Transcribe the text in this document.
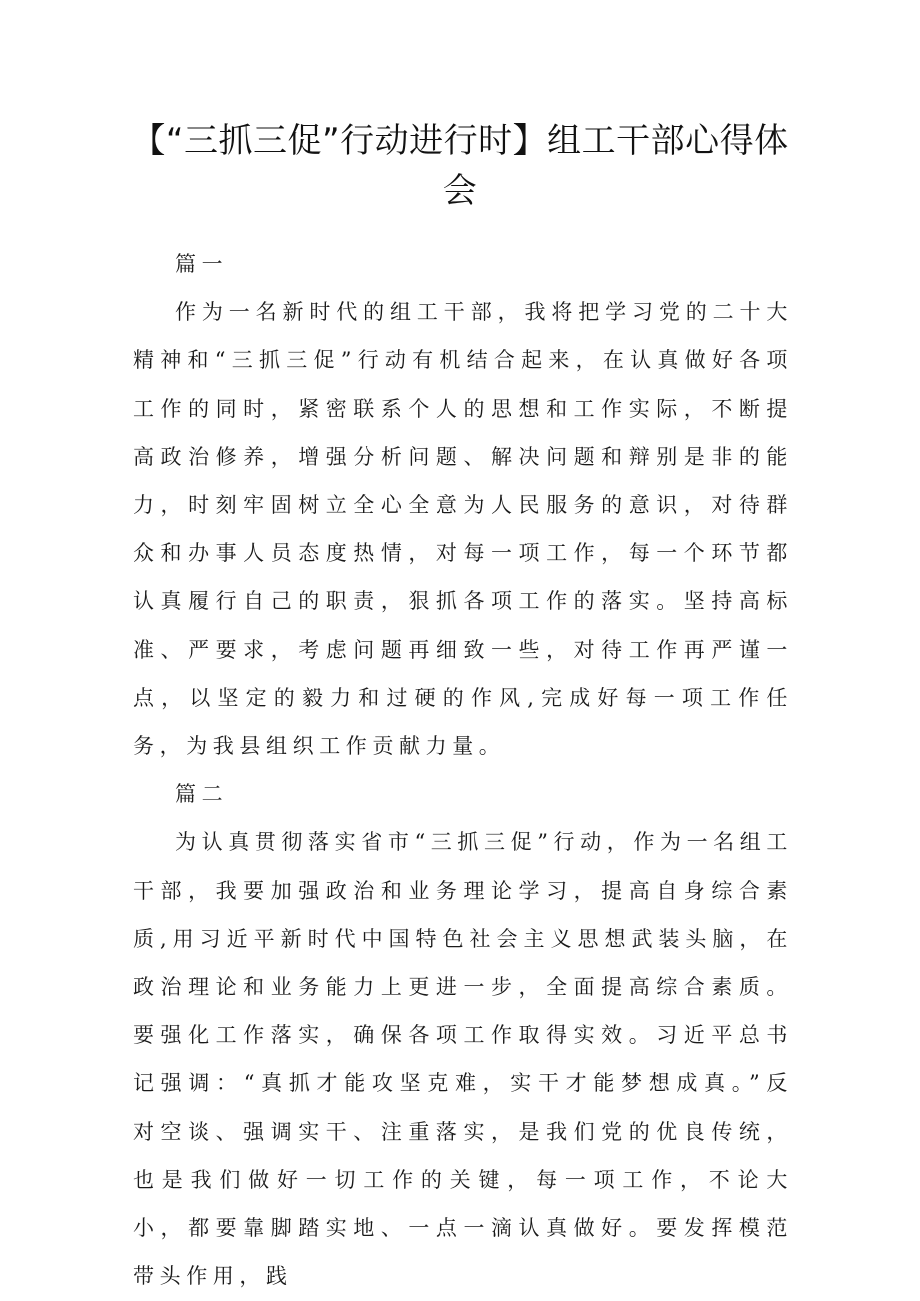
【“三抓三促”行动进行时】组工干部心得体会

篇一

作为一名新时代的组工干部，我将把学习党的二十大精神和“三抓三促”行动有机结合起来，在认真做好各项工作的同时，紧密联系个人的思想和工作实际，不断提高政治修养，增强分析问题、解决问题和辩别是非的能力，时刻牢固树立全心全意为人民服务的意识，对待群众和办事人员态度热情，对每一项工作，每一个环节都认真履行自己的职责，狠抓各项工作的落实。坚持高标准、严要求，考虑问题再细致一些，对待工作再严谨一点，以坚定的毅力和过硬的作风,完成好每一项工作任务，为我县组织工作贡献力量。

篇二

为认真贯彻落实省市“三抓三促”行动，作为一名组工干部，我要加强政治和业务理论学习，提高自身综合素质,用习近平新时代中国特色社会主义思想武装头脑，在政治理论和业务能力上更进一步，全面提高综合素质。要强化工作落实，确保各项工作取得实效。习近平总书记强调：“真抓才能攻坚克难，实干才能梦想成真。”反对空谈、强调实干、注重落实，是我们党的优良传统，也是我们做好一切工作的关键，每一项工作，不论大小，都要靠脚踏实地、一点一滴认真做好。要发挥模范带头作用，践
